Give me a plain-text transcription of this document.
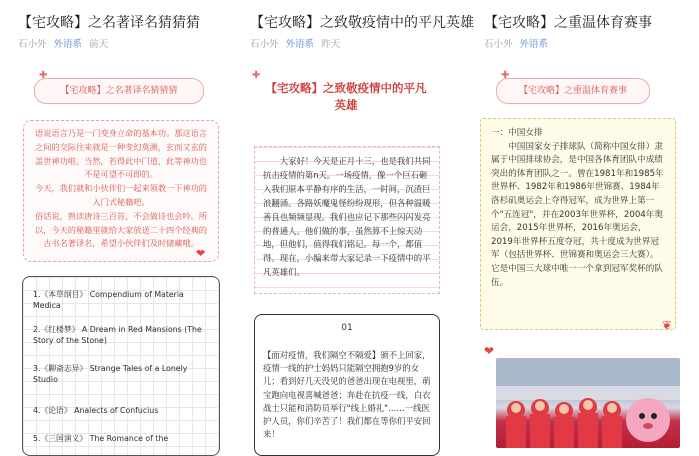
【宅攻略】之名著译名猜猜猜
石小外 外语系 前天
✚
【宅攻略】之名著译名猜猜猜
语说语言乃是一门变身立命的基本功。那这语言之间的交际往来就是一种变幻莫测，玄而又玄的盖世神功啦。当然，若得此中门道，此等神功也不是可望不可即的。
今天，我们就和小伙伴们一起来领教一下神功的入门式秘籍吧。
俗话说，熟读唐诗三百首，不会做诗也会吟。所以，今天的秘籍里就给大家放送二十四个经典的古书名著译名，希望小伙伴们及时储藏哦。
❤
1.《本草纲目》 Compendium of Materia Medica
2.《红楼梦》 A Dream in Red Mansions (The Story of the Stone)
3.《聊斋志异》 Strange Tales of a Lonely Studio
4.《论语》 Analects of Confucius
5.《三国演义》 The Romance of the
【宅攻略】之致敬疫情中的平凡英雄
石小外 外语系 昨天
✚
【宅攻略】之致敬疫情中的平凡英雄
大家好！今天是正月十三，也是我们共同抗击疫情的第n天。一场疫情，像一个巨石砸入我们原本平静有序的生活，一时间，沉渣巨浪翻涌。各路妖魔鬼怪纷纷现形，但各种温暖善良也频频显现。我们也应记下那些闪闪发亮的普通人。他们做的事，虽然算不上惊天动地，但他们，值得我们铭记。每一个，都值得。现在，小编来带大家记录一下疫情中的平凡英雄们。
01
【面对疫情，我们隔空不隔爱】颁不上回家，疫情一线的护士妈妈只能隔空拥抱9岁的女儿；看到好几天没见的爸爸出现在电视里，萌宝跑向电视喜喊爸爸；奔赴在抗疫一线，白衣战士只能和消防员举行"线上婚礼"……一线医护人员，你们辛苦了！我们都在等你们平安回来！
【宅攻略】之重温体育赛事
石小外 外语系
✚
【宅攻略】之重温体育赛事
一：中国女排
中国国家女子排球队（简称中国女排）隶属于中国排球协会，是中国各体育团队中成绩突出的体育团队之一。曾在1981年和1985年世界杯、1982年和1986年世锦赛、1984年洛杉矶奥运会上夺得冠军，成为世界上第一个"五连冠"，并在2003年世界杯，2004年奥运会，2015年世界杯，2016年奥运会，2019年世界杯五度夺冠，共十度成为世界冠军（包括世界杯、世锦赛和奥运会三大赛）。它是中国三大球中唯一一个拿到冠军奖杯的队伍。
❦
❤
